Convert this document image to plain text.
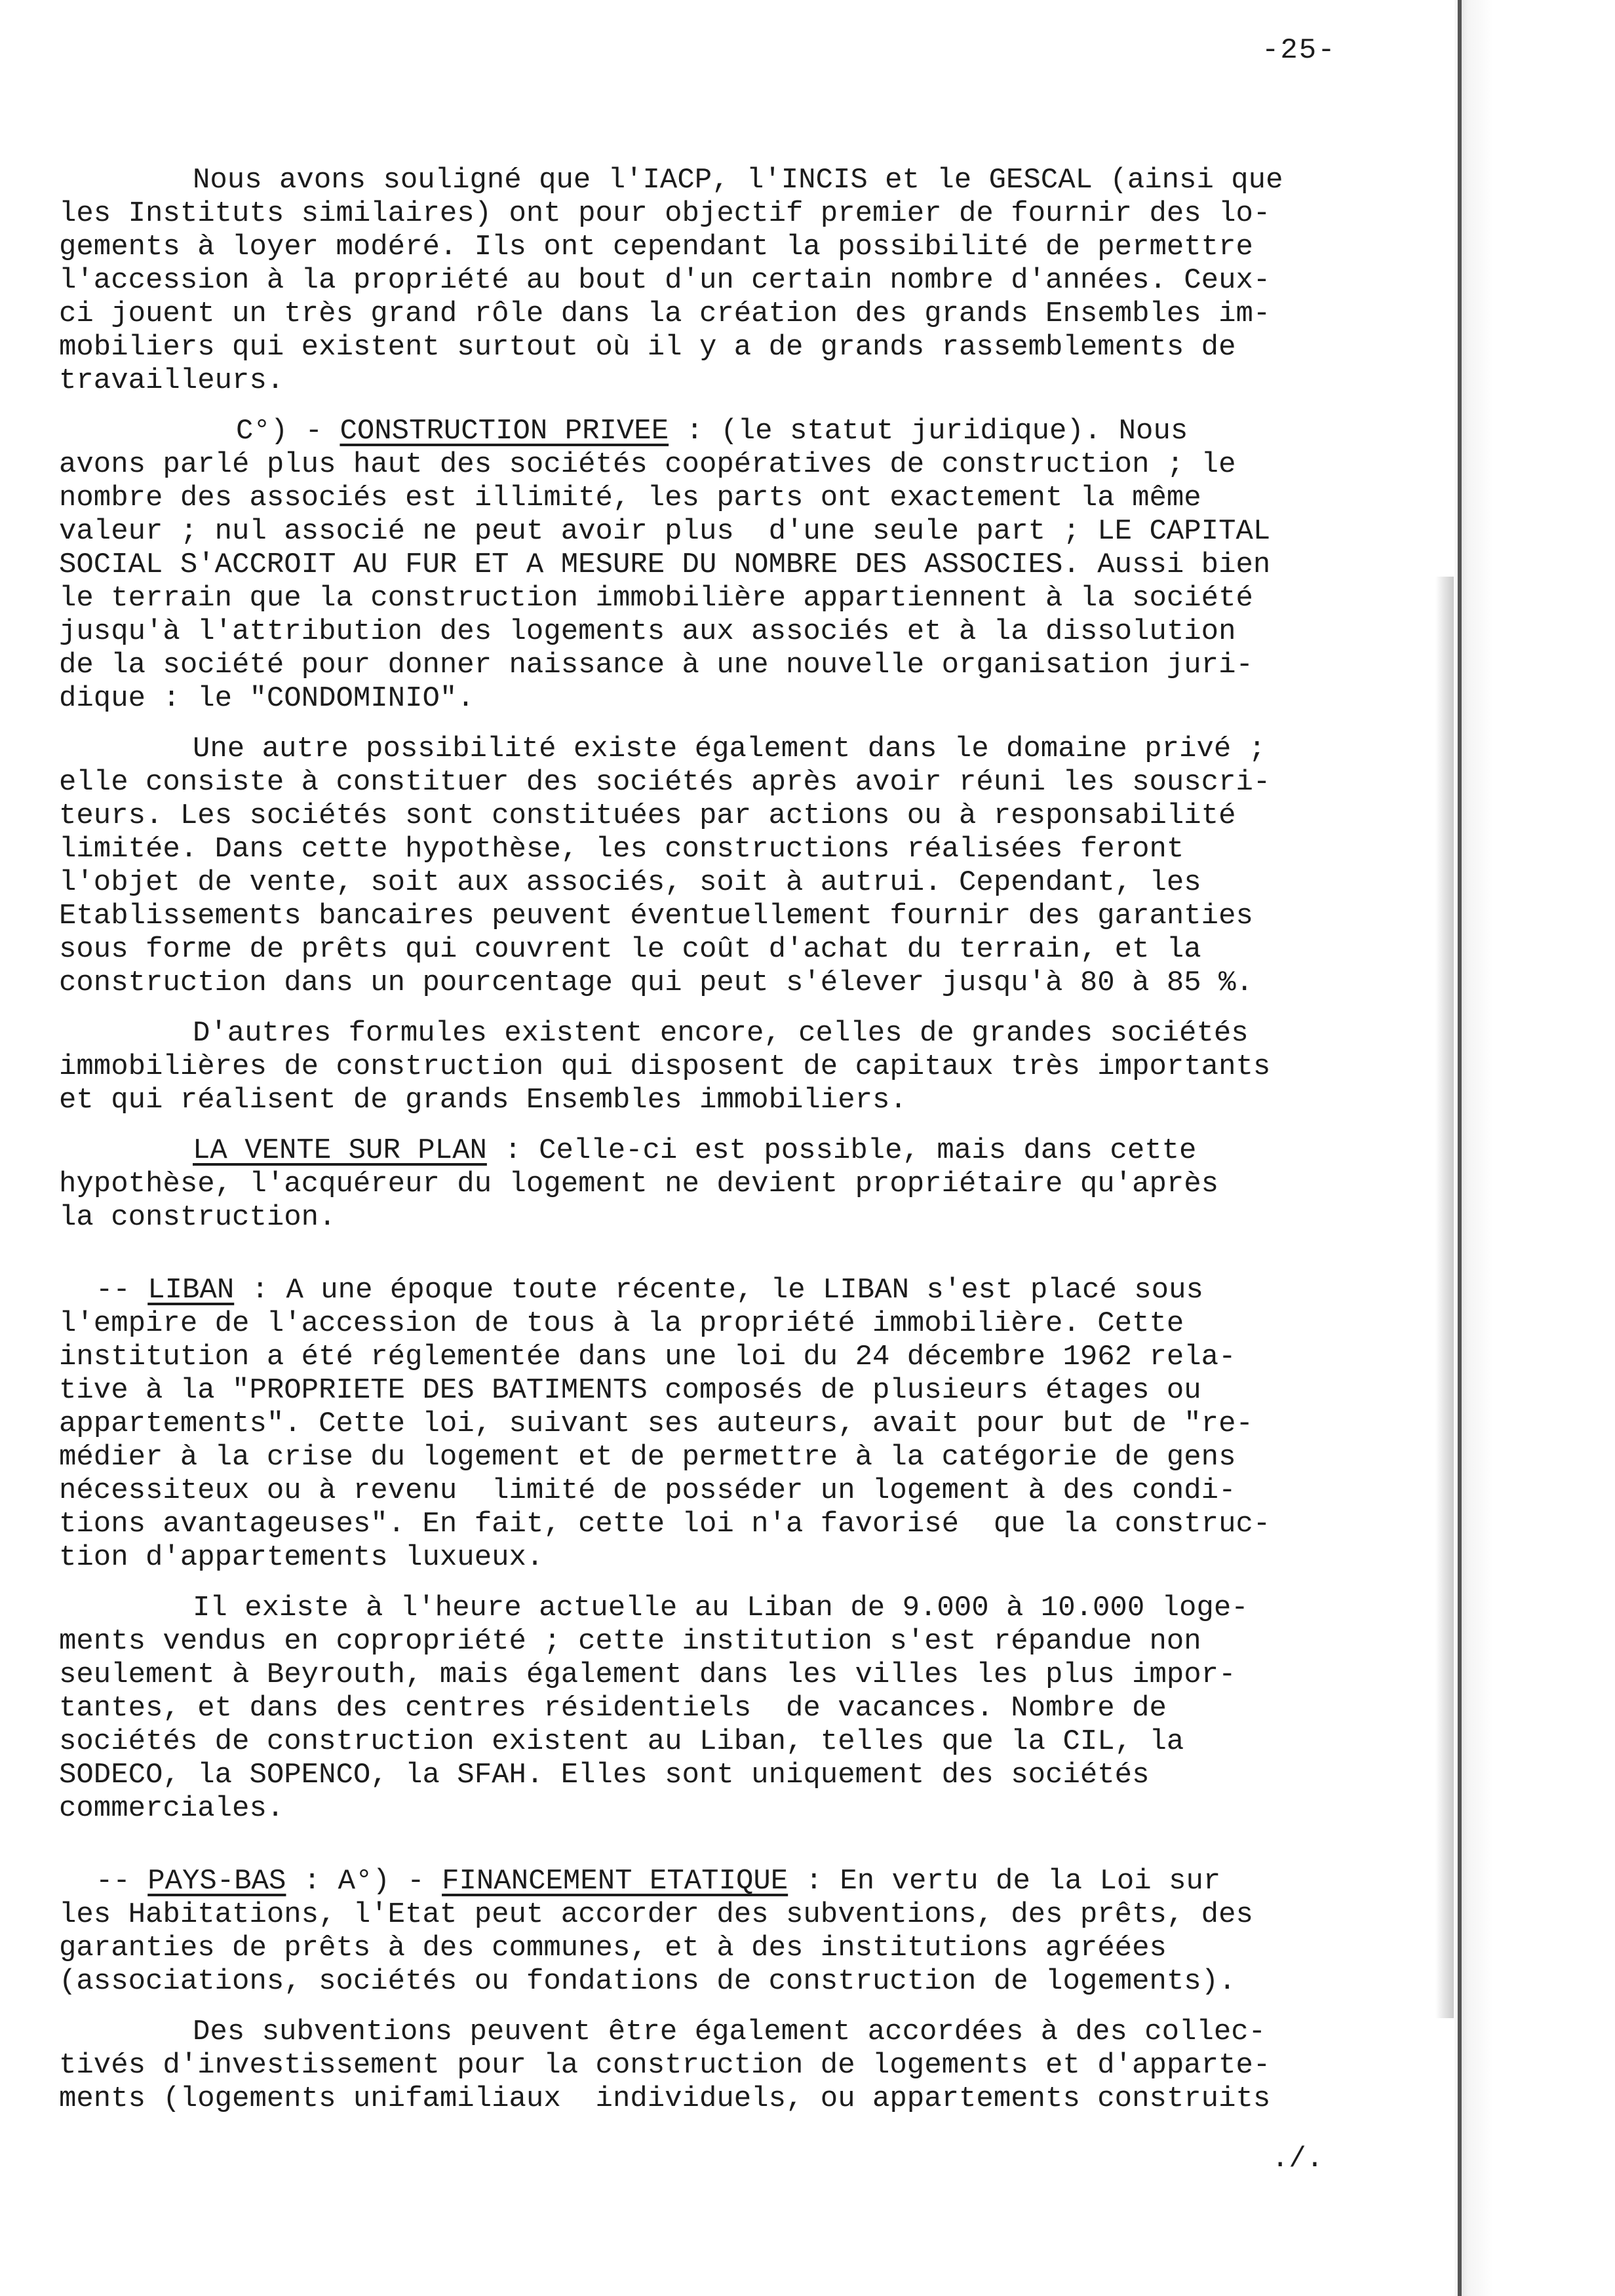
-25-
Nous avons souligné que l'IACP, l'INCIS et le GESCAL (ainsi que
les Instituts similaires) ont pour objectif premier de fournir des lo-
gements à loyer modéré. Ils ont cependant la possibilité de permettre
l'accession à la propriété au bout d'un certain nombre d'années. Ceux-
ci jouent un très grand rôle dans la création des grands Ensembles im-
mobiliers qui existent surtout où il y a de grands rassemblements de
travailleurs.
C°) - CONSTRUCTION PRIVEE : (le statut juridique). Nous
avons parlé plus haut des sociétés coopératives de construction ; le
nombre des associés est illimité, les parts ont exactement la même
valeur ; nul associé ne peut avoir plus  d'une seule part ; LE CAPITAL
SOCIAL S'ACCROIT AU FUR ET A MESURE DU NOMBRE DES ASSOCIES. Aussi bien
le terrain que la construction immobilière appartiennent à la société
jusqu'à l'attribution des logements aux associés et à la dissolution
de la société pour donner naissance à une nouvelle organisation juri-
dique : le "CONDOMINIO".
Une autre possibilité existe également dans le domaine privé ;
elle consiste à constituer des sociétés après avoir réuni les souscri-
teurs. Les sociétés sont constituées par actions ou à responsabilité
limitée. Dans cette hypothèse, les constructions réalisées feront
l'objet de vente, soit aux associés, soit à autrui. Cependant, les
Etablissements bancaires peuvent éventuellement fournir des garanties
sous forme de prêts qui couvrent le coût d'achat du terrain, et la
construction dans un pourcentage qui peut s'élever jusqu'à 80 à 85 %.
D'autres formules existent encore, celles de grandes sociétés
immobilières de construction qui disposent de capitaux très importants
et qui réalisent de grands Ensembles immobiliers.
LA VENTE SUR PLAN : Celle-ci est possible, mais dans cette
hypothèse, l'acquéreur du logement ne devient propriétaire qu'après
la construction.
-- LIBAN : A une époque toute récente, le LIBAN s'est placé sous
l'empire de l'accession de tous à la propriété immobilière. Cette
institution a été réglementée dans une loi du 24 décembre 1962 rela-
tive à la "PROPRIETE DES BATIMENTS composés de plusieurs étages ou
appartements". Cette loi, suivant ses auteurs, avait pour but de "re-
médier à la crise du logement et de permettre à la catégorie de gens
nécessiteux ou à revenu  limité de posséder un logement à des condi-
tions avantageuses". En fait, cette loi n'a favorisé  que la construc-
tion d'appartements luxueux.
Il existe à l'heure actuelle au Liban de 9.000 à 10.000 loge-
ments vendus en copropriété ; cette institution s'est répandue non
seulement à Beyrouth, mais également dans les villes les plus impor-
tantes, et dans des centres résidentiels  de vacances. Nombre de
sociétés de construction existent au Liban, telles que la CIL, la
SODECO, la SOPENCO, la SFAH. Elles sont uniquement des sociétés
commerciales.
-- PAYS-BAS : A°) - FINANCEMENT ETATIQUE : En vertu de la Loi sur
les Habitations, l'Etat peut accorder des subventions, des prêts, des
garanties de prêts à des communes, et à des institutions agréées
(associations, sociétés ou fondations de construction de logements).
Des subventions peuvent être également accordées à des collec-
tivés d'investissement pour la construction de logements et d'apparte-
ments (logements unifamiliaux  individuels, ou appartements construits
./.
